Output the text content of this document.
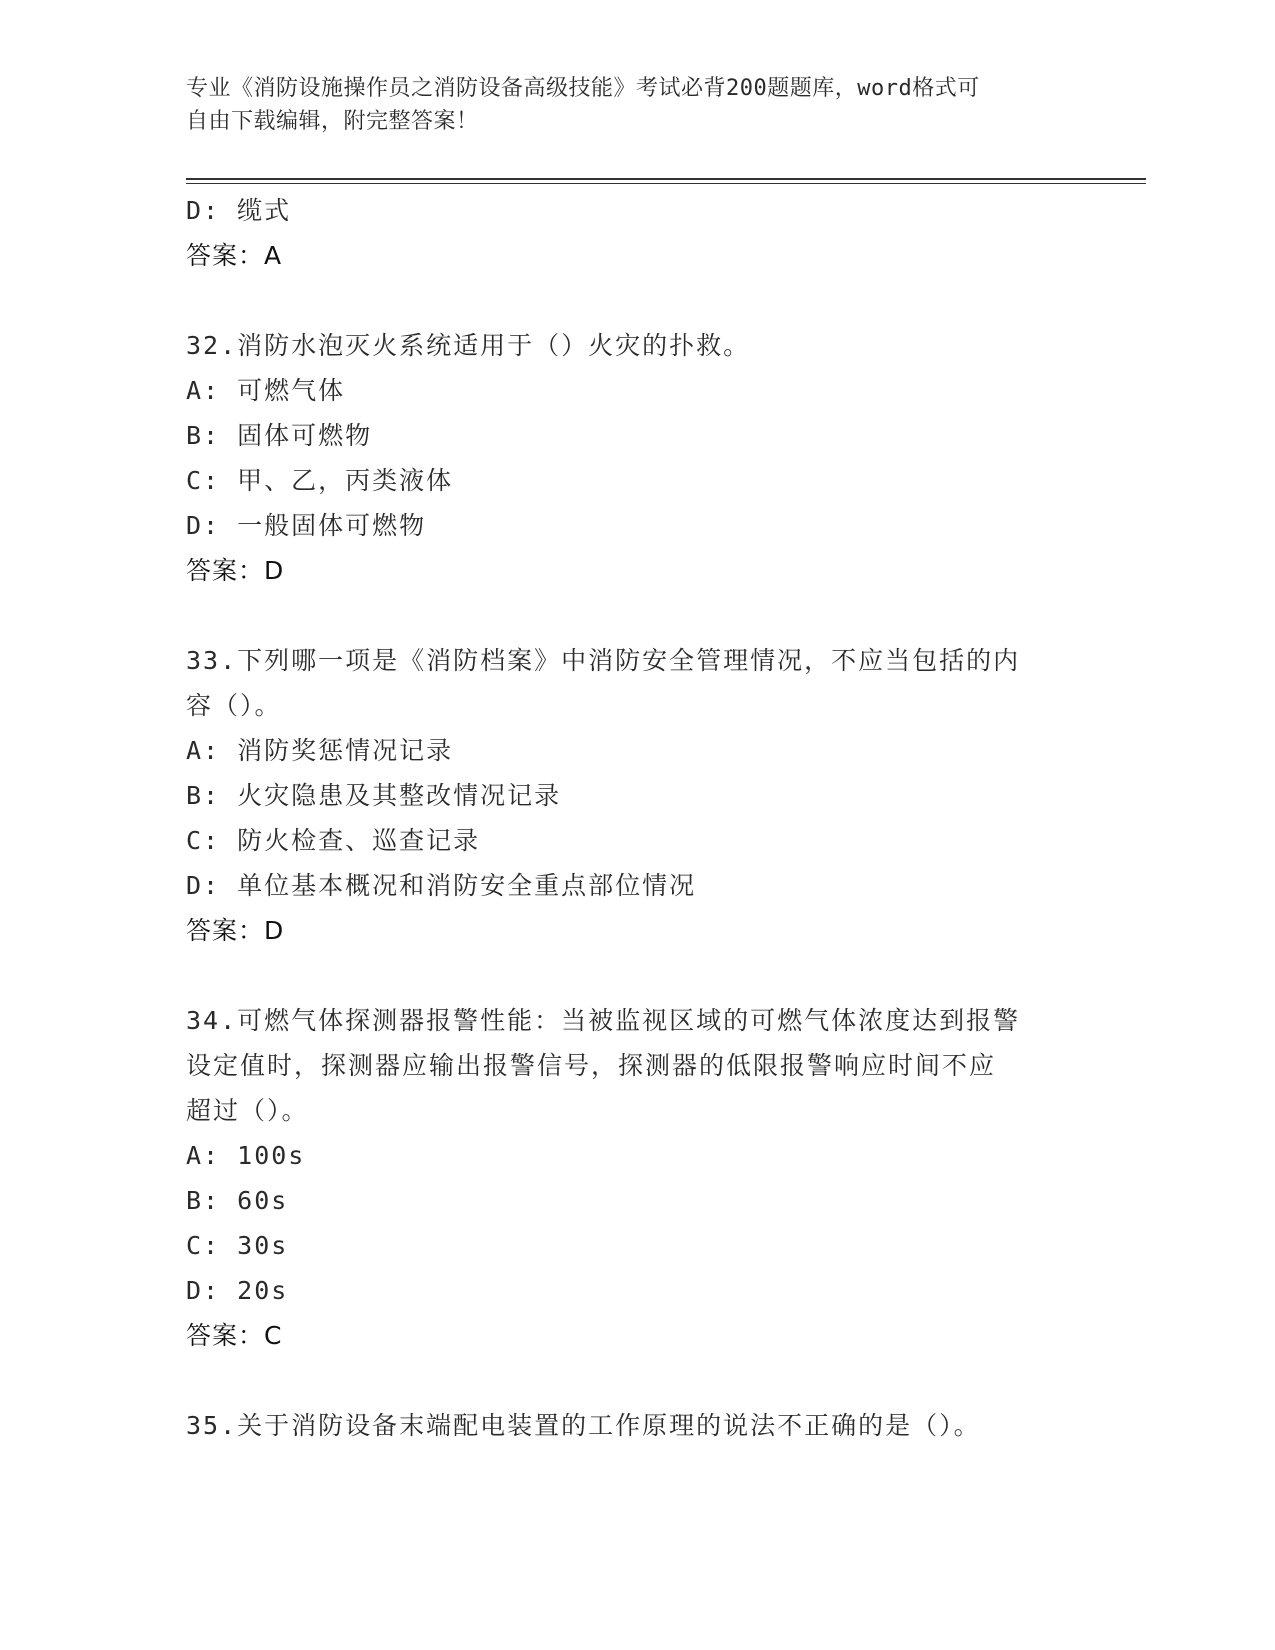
专业《消防设施操作员之消防设备高级技能》考试必背200题题库，word格式可
自由下载编辑，附完整答案！
D: 缆式
答案：A
32.消防水泡灭火系统适用于（）火灾的扑救。
A: 可燃气体
B: 固体可燃物
C: 甲、乙，丙类液体
D: 一般固体可燃物
答案：D
33.下列哪一项是《消防档案》中消防安全管理情况，不应当包括的内
容（）。
A: 消防奖惩情况记录
B: 火灾隐患及其整改情况记录
C: 防火检查、巡查记录
D: 单位基本概况和消防安全重点部位情况
答案：D
34.可燃气体探测器报警性能：当被监视区域的可燃气体浓度达到报警
设定值时，探测器应输出报警信号，探测器的低限报警响应时间不应
超过（）。
A: 100s
B: 60s
C: 30s
D: 20s
答案：C
35.关于消防设备末端配电装置的工作原理的说法不正确的是（）。
